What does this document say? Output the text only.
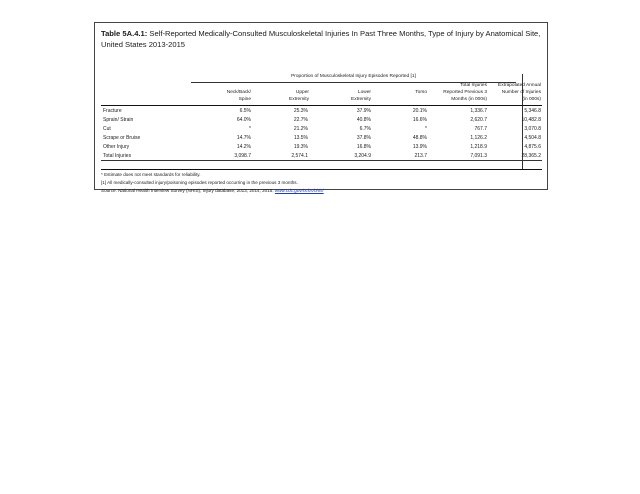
Table 5A.4.1: Self-Reported Medically-Consulted Musculoskeletal Injuries In Past Three Months, Type of Injury by Anatomical Site, United States 2013-2015
Proportion of Musculoskeletal Injury Episodes Reported [1]
Neck/Back/
Spine
Upper
Extremity
Lower
Extremity
Torso
Total Injuries
Reported Previous 3
Months (in 000s)
Extrapolated Annual
Number of Injuries
(in 000s)
Fracture	6.5%	25.3%	37.9%	20.1%	1,336.7	5,346.8
Sprain/ Strain	64.0%	22.7%	40.8%	16.6%	2,620.7	10,482.8
Cut	*	21.2%	6.7%	*	767.7	3,070.8
Scrape or Bruise	14.7%	13.5%	37.8%	48.8%	1,126.2	4,504.8
Other Injury	14.2%	19.3%	16.8%	13.9%	1,218.9	4,875.6
Total Injuries	3,098.7	2,574.1	3,204.9	213.7	7,091.3	28,365.2
* Estimate does not meet standards for reliability.
[1] All medically-consulted injury/poisoning episodes reported occurring in the previous 3 months.
Source: National Health Interview Survey (NHIS), Injury database, 2013, 2014, 2015. www.cdc.gov/nchs/nhis/
